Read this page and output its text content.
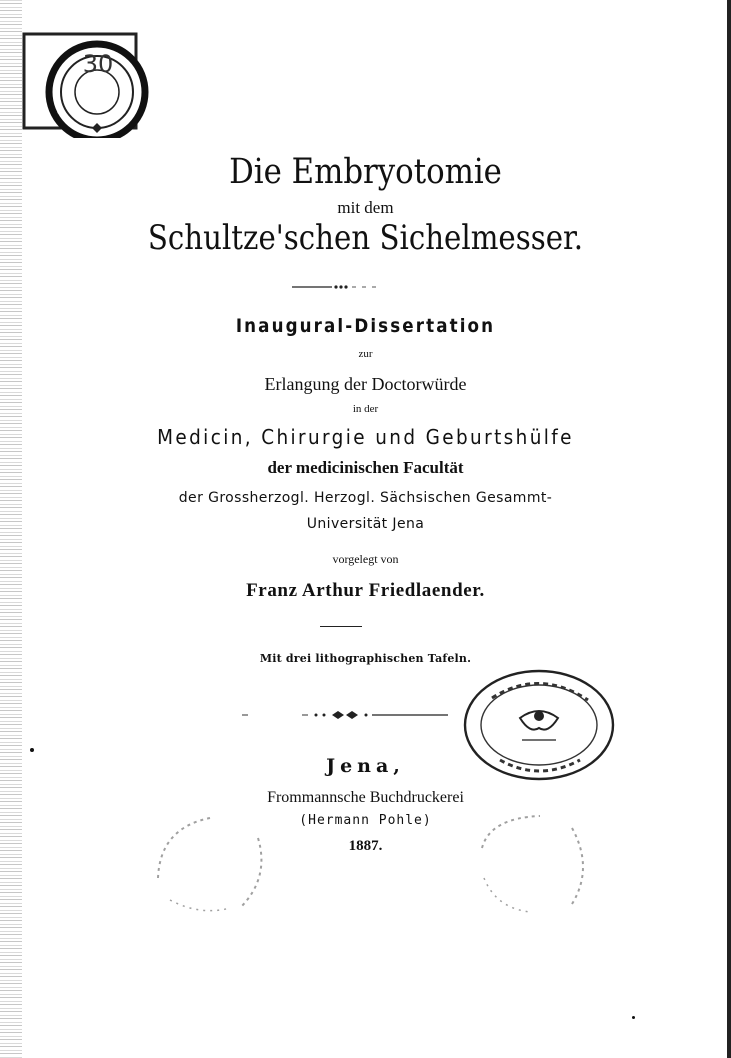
30
Die Embryotomie
mit dem
Schultze'schen Sichelmesser.
Inaugural-Dissertation
zur
Erlangung der Doctorwürde
in der
Medicin, Chirurgie und Geburtshülfe
der medicinischen Facultät
der Grossherzogl. Herzogl. Sächsischen Gesammt-
Universität Jena
vorgelegt von
Franz Arthur Friedlaender.
Mit drei lithographischen Tafeln.
Jena,
Frommannsche Buchdruckerei
(Hermann Pohle)
1887.
